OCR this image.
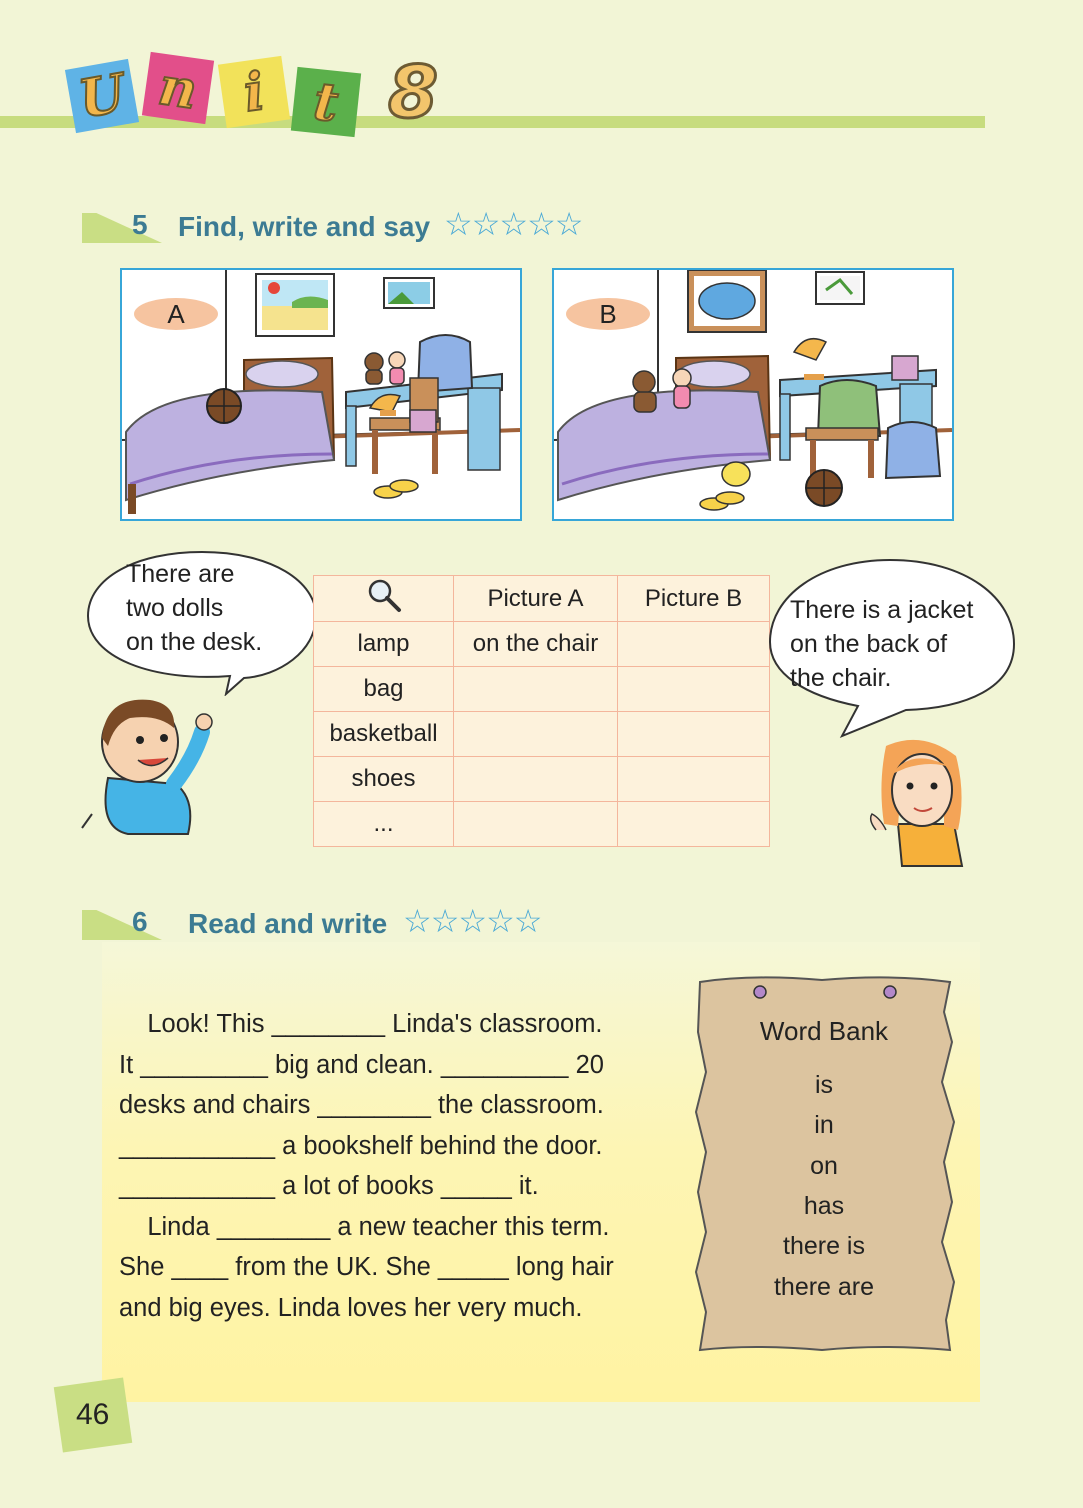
U n i t 8
5 Find, write and say ☆☆☆☆☆
A	B
There are
two dolls
on the desk.
	Picture A	Picture B
lamp	on the chair	
bag		
basketball		
shoes		
...		
There is a jacket
on the back of
the chair.
6 Read and write ☆☆☆☆☆
Look! This ________ Linda's classroom.
It _________ big and clean. _________ 20
desks and chairs ________ the classroom.
___________ a bookshelf behind the door.
___________ a lot of books _____ it.
Linda ________ a new teacher this term.
She ____ from the UK. She _____ long hair
and big eyes. Linda loves her very much.
Word Bank
is
in
on
has
there is
there are
46
